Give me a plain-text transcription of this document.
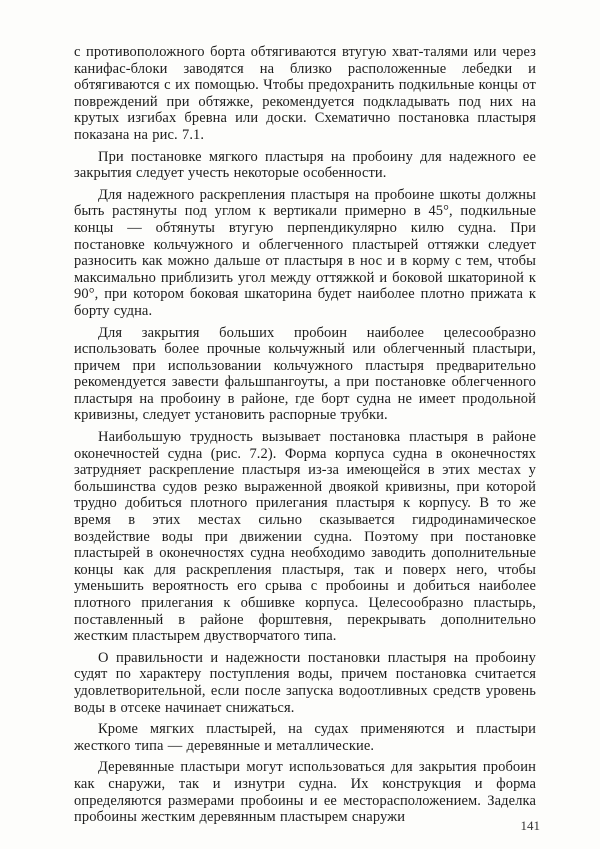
с противоположного борта обтягиваются втугую хват-талями или через канифас-блоки заводятся на близко расположенные лебедки и обтягиваются с их помощью. Чтобы предохранить подкильные концы от повреждений при обтяжке, рекомендуется подкладывать под них на крутых изгибах бревна или доски. Схематично постановка пластыря показана на рис. 7.1.

При постановке мягкого пластыря на пробоину для надежного ее закрытия следует учесть некоторые особенности.

Для надежного раскрепления пластыря на пробоине шкоты должны быть растянуты под углом к вертикали примерно в 45°, подкильные концы — обтянуты втугую перпендикулярно килю судна. При постановке кольчужного и облегченного пластырей оттяжки следует разносить как можно дальше от пластыря в нос и в корму с тем, чтобы максимально приблизить угол между оттяжкой и боковой шкаториной к 90°, при котором боковая шкаторина будет наиболее плотно прижата к борту судна.

Для закрытия больших пробоин наиболее целесообразно использовать более прочные кольчужный или облегченный пластыри, причем при использовании кольчужного пластыря предварительно рекомендуется завести фальшпангоуты, а при постановке облегченного пластыря на пробоину в районе, где борт судна не имеет продольной кривизны, следует установить распорные трубки.

Наибольшую трудность вызывает постановка пластыря в районе оконечностей судна (рис. 7.2). Форма корпуса судна в оконечностях затрудняет раскрепление пластыря из-за имеющейся в этих местах у большинства судов резко выраженной двоякой кривизны, при которой трудно добиться плотного прилегания пластыря к корпусу. В то же время в этих местах сильно сказывается гидродинамическое воздействие воды при движении судна. Поэтому при постановке пластырей в оконечностях судна необходимо заводить дополнительные концы как для раскрепления пластыря, так и поверх него, чтобы уменьшить вероятность его срыва с пробоины и добиться наиболее плотного прилегания к обшивке корпуса. Целесообразно пластырь, поставленный в районе форштевня, перекрывать дополнительно жестким пластырем двустворчатого типа.

О правильности и надежности постановки пластыря на пробоину судят по характеру поступления воды, причем постановка считается удовлетворительной, если после запуска водоотливных средств уровень воды в отсеке начинает снижаться.

Кроме мягких пластырей, на судах применяются и пластыри жесткого типа — деревянные и металлические.

Деревянные пластыри могут использоваться для закрытия пробоин как снаружи, так и изнутри судна. Их конструкция и форма определяются размерами пробоины и ее месторасположением. Заделка пробоины жестким деревянным пластырем снаружи

141
